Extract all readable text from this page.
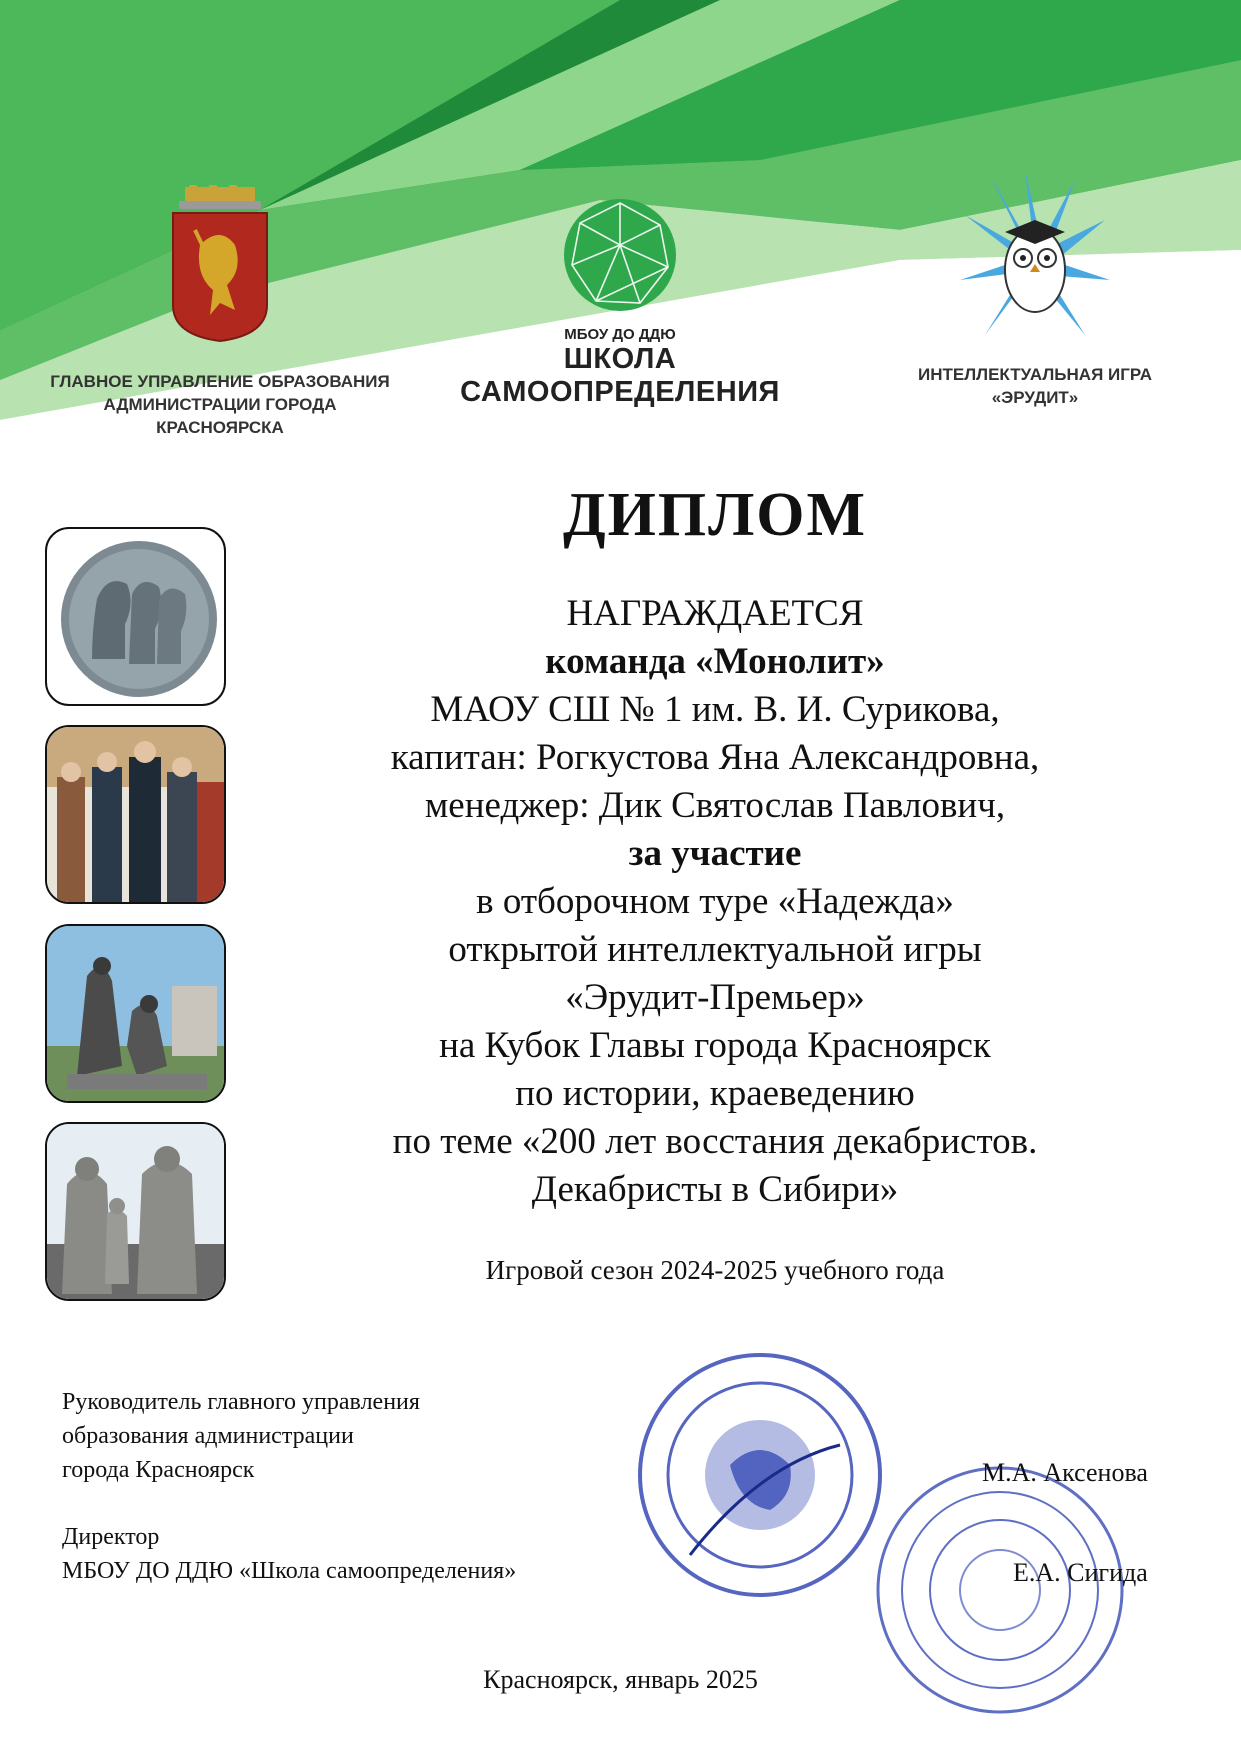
ГЛАВНОЕ УПРАВЛЕНИЕ ОБРАЗОВАНИЯ
АДМИНИСТРАЦИИ ГОРОДА
КРАСНОЯРСКА
МБОУ ДО ДДЮ
ШКОЛА
САМООПРЕДЕЛЕНИЯ
ИНТЕЛЛЕКТУАЛЬНАЯ ИГРА
«ЭРУДИТ»
ДИПЛОМ
НАГРАЖДАЕТСЯ
команда «Монолит»
МАОУ СШ № 1 им. В. И. Сурикова,
капитан: Рогкустова Яна Александровна,
менеджер: Дик Святослав Павлович,
за участие
в отборочном туре «Надежда»
открытой интеллектуальной игры
«Эрудит-Премьер»
на Кубок Главы города Красноярск
по истории, краеведению
по теме «200 лет восстания декабристов.
Декабристы в Сибири»
Игровой сезон 2024-2025 учебного года
Руководитель главного управления
образования администрации
города Красноярск	М.А. Аксенова
Директор
МБОУ ДО ДДЮ «Школа самоопределения»	Е.А. Сигида
Красноярск, январь 2025
